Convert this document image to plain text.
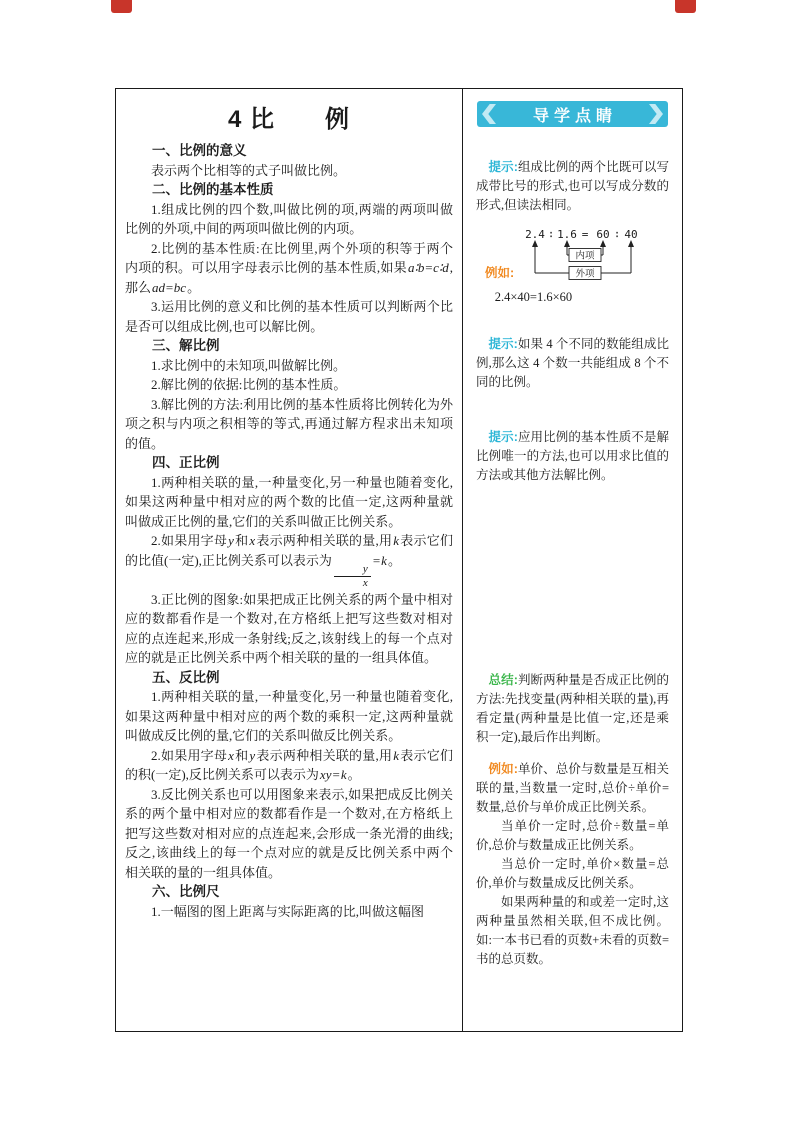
4 比　　例
一、比例的意义

表示两个比相等的式子叫做比例。

二、比例的基本性质

1.组成比例的四个数,叫做比例的项,两端的两项叫做比例的外项,中间的两项叫做比例的内项。

2.比例的基本性质:在比例里,两个外项的积等于两个内项的积。可以用字母表示比例的基本性质,如果a∶b=c∶d,那么ad=bc。

3.运用比例的意义和比例的基本性质可以判断两个比是否可以组成比例,也可以解比例。

三、解比例

1.求比例中的未知项,叫做解比例。

2.解比例的依据:比例的基本性质。

3.解比例的方法:利用比例的基本性质将比例转化为外项之积与内项之积相等的等式,再通过解方程求出未知项的值。

四、正比例

1.两种相关联的量,一种量变化,另一种量也随着变化,如果这两种量中相对应的两个数的比值一定,这两种量就叫做成正比例的量,它们的关系叫做正比例关系。

2.如果用字母y和x表示两种相关联的量,用k表示它们的比值(一定),正比例关系可以表示为
$\frac{y}{x}$
=k。

3.正比例的图象:如果把成正比例关系的两个量中相对应的数都看作是一个数对,在方格纸上把写这些数对相对应的点连起来,形成一条射线;反之,该射线上的每一个点对应的就是正比例关系中两个相关联的量的一组具体值。

五、反比例

1.两种相关联的量,一种量变化,另一种量也随着变化,如果这两种量中相对应的两个数的乘积一定,这两种量就叫做成反比例的量,它们的关系叫做反比例关系。

2.如果用字母x和y表示两种相关联的量,用k表示它们的积(一定),反比例关系可以表示为xy=k。

3.反比例关系也可以用图象来表示,如果把成反比例关系的两个量中相对应的数都看作是一个数对,在方格纸上把写这些数对相对应的点连起来,会形成一条光滑的曲线;反之,该曲线上的每一个点对应的就是反比例关系中两个相关联的量的一组具体值。

六、比例尺

1.一幅图的图上距离与实际距离的比,叫做这幅图

导学点睛

提示:组成比例的两个比既可以写成带比号的形式,也可以写成分数的形式,但读法相同。

例如:
内项
外项
2.4 ∶ 1.6 = 60 ∶ 40

2.4×40=1.6×60

提示:如果 4 个不同的数能组成比例,那么这 4 个数一共能组成 8 个不同的比例。

提示:应用比例的基本性质不是解比例唯一的方法,也可以用求比值的方法或其他方法解比例。

总结:判断两种量是否成正比例的方法:先找变量(两种相关联的量),再看定量(两种量是比值一定,还是乘积一定),最后作出判断。

例如:单价、总价与数量是互相关联的量,当数量一定时,总价÷单价=数量,总价与单价成正比例关系。

当单价一定时,总价÷数量=单价,总价与数量成正比例关系。

当总价一定时,单价×数量=总价,单价与数量成反比例关系。

如果两种量的和或差一定时,这两种量虽然相关联,但不成比例。如:一本书已看的页数+未看的页数=书的总页数。
